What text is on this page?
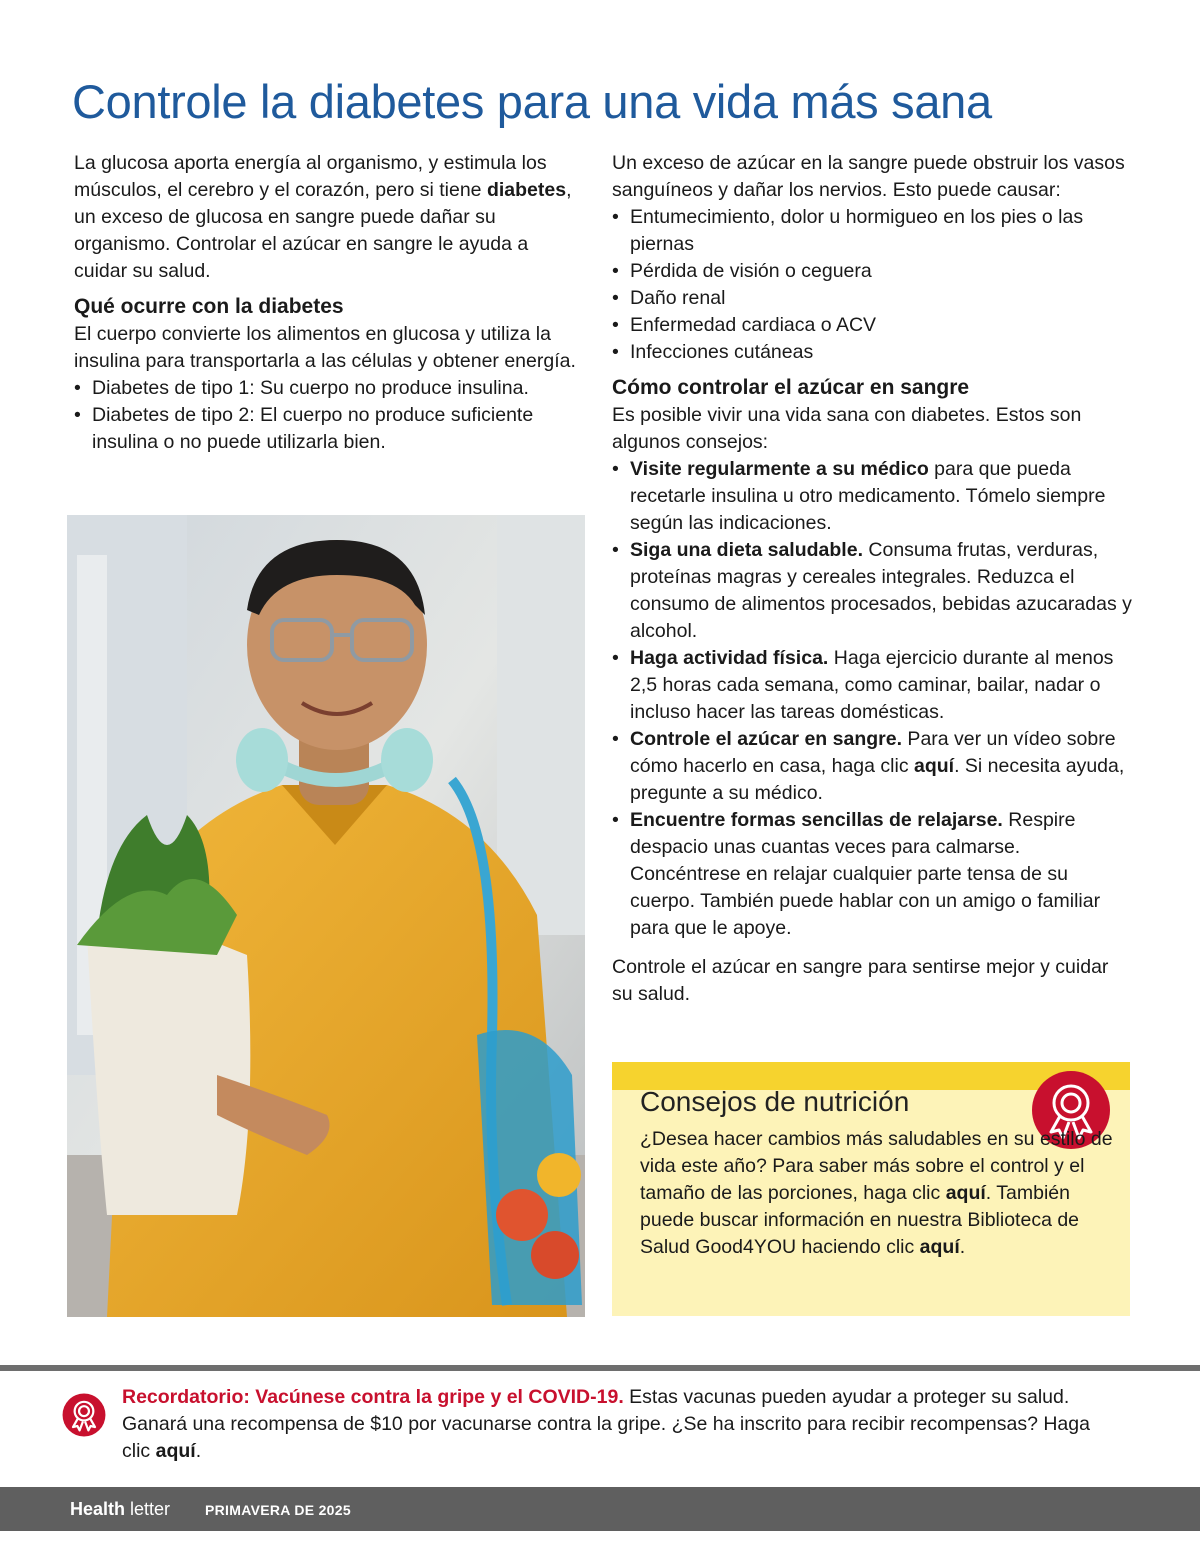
Controle la diabetes para una vida más sana

La glucosa aporta energía al organismo, y estimula los músculos, el cerebro y el corazón, pero si tiene diabetes, un exceso de glucosa en sangre puede dañar su organismo. Controlar el azúcar en sangre le ayuda a cuidar su salud.

Qué ocurre con la diabetes

El cuerpo convierte los alimentos en glucosa y utiliza la insulina para transportarla a las células y obtener energía.

• Diabetes de tipo 1: Su cuerpo no produce insulina.
• Diabetes de tipo 2: El cuerpo no produce suficiente insulina o no puede utilizarla bien.

Un exceso de azúcar en la sangre puede obstruir los vasos sanguíneos y dañar los nervios. Esto puede causar:

• Entumecimiento, dolor u hormigueo en los pies o las piernas
• Pérdida de visión o ceguera
• Daño renal
• Enfermedad cardiaca o ACV
• Infecciones cutáneas
Cómo controlar el azúcar en sangre

Es posible vivir una vida sana con diabetes. Estos son algunos consejos:

• Visite regularmente a su médico para que pueda recetarle insulina u otro medicamento. Tómelo siempre según las indicaciones.
• Siga una dieta saludable. Consuma frutas, verduras, proteínas magras y cereales integrales. Reduzca el consumo de alimentos procesados, bebidas azucaradas y alcohol.
• Haga actividad física. Haga ejercicio durante al menos 2,5 horas cada semana, como caminar, bailar, nadar o incluso hacer las tareas domésticas.
• Controle el azúcar en sangre. Para ver un vídeo sobre cómo hacerlo en casa, haga clic aquí. Si necesita ayuda, pregunte a su médico.
• Encuentre formas sencillas de relajarse. Respire despacio unas cuantas veces para calmarse. Concéntrese en relajar cualquier parte tensa de su cuerpo. También puede hablar con un amigo o familiar para que le apoye.

Controle el azúcar en sangre para sentirse mejor y cuidar su salud.

Consejos de nutrición
¿Desea hacer cambios más saludables en su estilo de vida este año? Para saber más sobre el control y el tamaño de las porciones, haga clic aquí. También puede buscar información en nuestra Biblioteca de Salud Good4YOU haciendo clic aquí.
Recordatorio: Vacúnese contra la gripe y el COVID-19. Estas vacunas pueden ayudar a proteger su salud. Ganará una recompensa de $10 por vacunarse contra la gripe. ¿Se ha inscrito para recibir recompensas? Haga clic aquí.
Health letter PRIMAVERA DE 2025
